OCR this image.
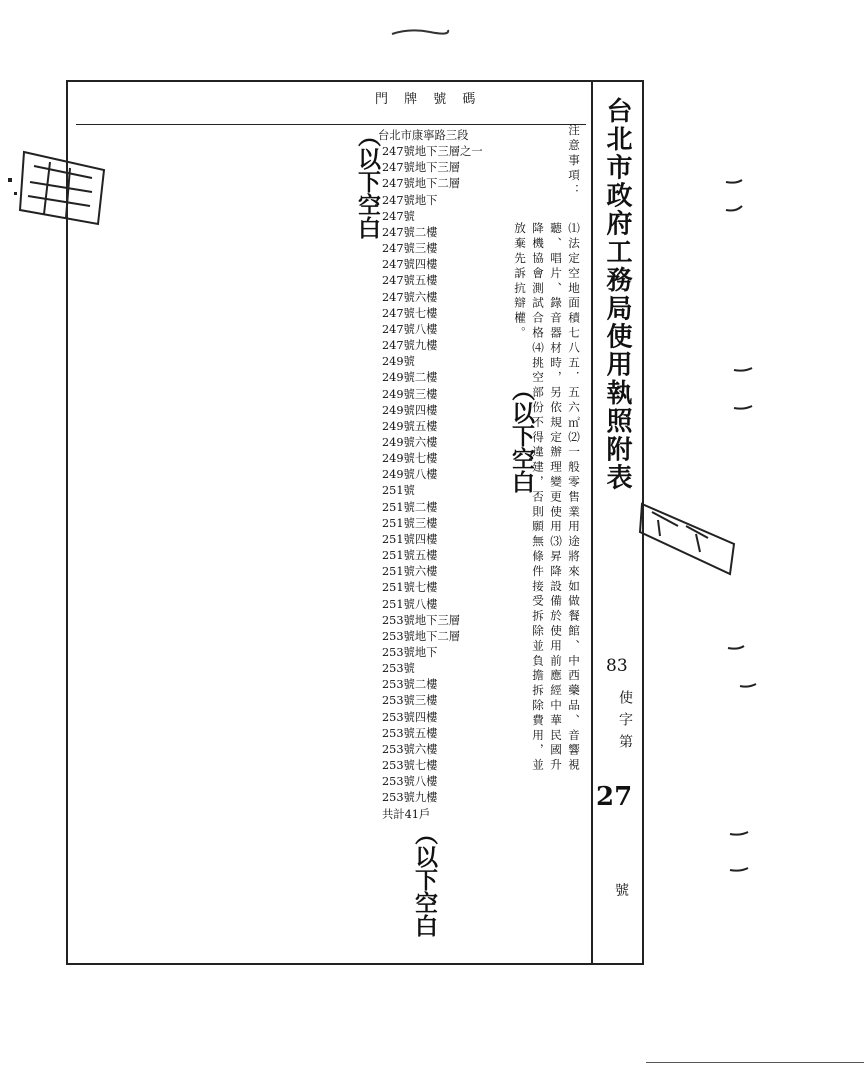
門 牌 號 碼
台北市康寧路三段
247號地下三層之一
247號地下三層
247號地下二層
247號地下
247號
247號二樓
247號三樓
247號四樓
247號五樓
247號六樓
247號七樓
247號八樓
247號九樓
249號
249號二樓
249號三樓
249號四樓
249號五樓
249號六樓
249號七樓
249號八樓
251號
251號二樓
251號三樓
251號四樓
251號五樓
251號六樓
251號七樓
251號八樓
253號地下三層
253號地下二層
253號地下
253號
253號二樓
253號三樓
253號四樓
253號五樓
253號六樓
253號七樓
253號八樓
253號九樓
共計41戶
（以下空白
（以下空白
（以下空白
注意事項：
⑴法定空地面積七八五．五六㎡⑵一般零售業用途將來如做餐館、中西藥品、音響視
聽、唱片、錄音器材時，另依規定辦理變更使用⑶昇降設備於使用前應經中華民國升
降機協會測試合格⑷挑空部份不得違建，否則願無條件接受拆除並負擔拆除費用，並
放棄先訴抗辯權。	台北市政府工務局使用執照附表
83
使字第
27
號
